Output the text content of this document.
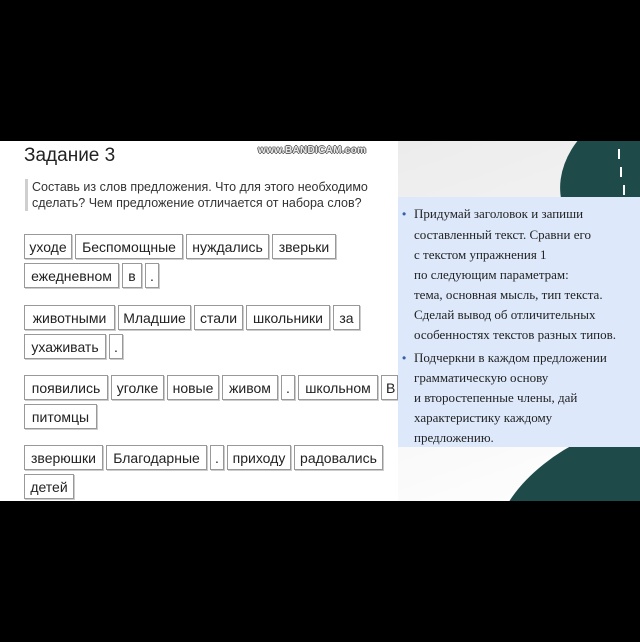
Задание 3	www.BANDICAM.com
Составь из слов предложения. Что для этого необходимо
сделать? Чем предложение отличается от набора слов?
уходе	Беспомощные	нуждались	зверьки
ежедневном	в	.
животными	Младшие	стали	школьники	за
ухаживать	.
появились	уголке	новые	живом	.	школьном	В
питомцы
зверюшки	Благодарные	. приходу	радовались
детей
• Придумай заголовок и запиши
составленный текст. Сравни его
с текстом упражнения 1
по следующим параметрам:
тема, основная мысль, тип текста.
Сделай вывод об отличительных
особенностях текстов разных типов.
• Подчеркни в каждом предложении
грамматическую основу
и второстепенные члены, дай
характеристику каждому
предложению.
